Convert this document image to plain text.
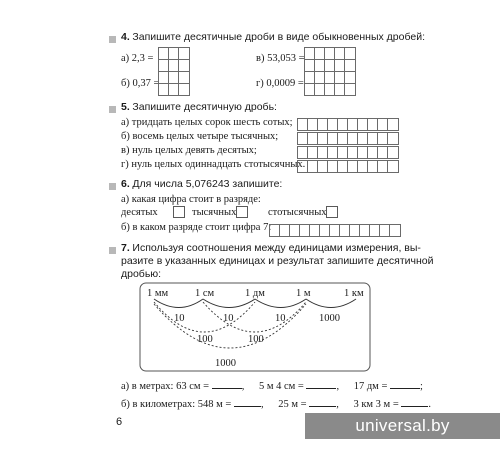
4. Запишите десятичные дроби в виде обыкновенных дробей:
а) 2,3 =	в) 53,053 =
б) 0,37 =	г) 0,0009 =
5. Запишите десятичную дробь:
а) тридцать целых сорок шесть сотых;
б) восемь целых четыре тысячных;
в) нуль целых девять десятых;
г) нуль целых одиннадцать стотысячных.
6. Для числа 5,076243 запишите:
а) какая цифра стоит в разряде:
десятых	тысячных	стотысячных
б) в каком разряде стоит цифра 7:
7. Используя соотношения между единицами измерения, вы-
разите в указанных единицах и результат запишите десятичной
дробью:
1 мм	1 см	1 дм	1 м	1 км
10	10	10	1000
100	100
1000
а) в метрах: 63 см =	, 5 м 4 см =	, 17 дм =	;
б) в километрах: 548 м =	, 25 м =	, 3 км 3 м =	.
6	universal.by
